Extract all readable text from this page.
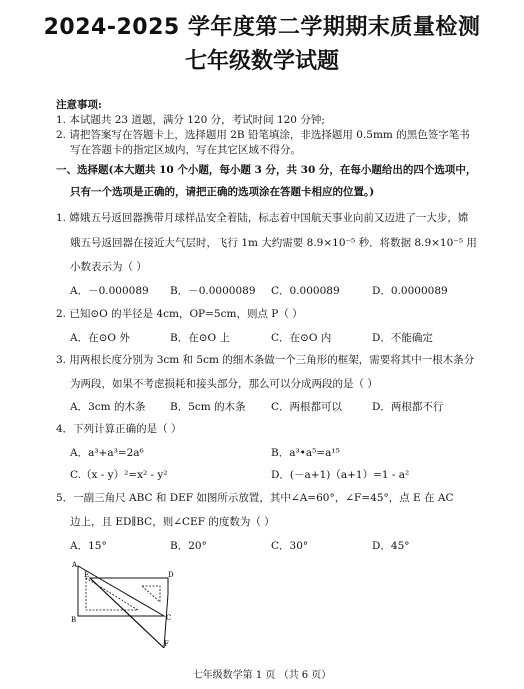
2024-2025 学年度第二学期期末质量检测
七年级数学试题
注意事项:
1. 本试题共 23 道题，满分 120 分，考试时间 120 分钟;
2. 请把答案写在答题卡上，选择题用 2B 铅笔填涂，非选择题用 0.5mm 的黑色签字笔书
写在答题卡的指定区域内，写在其它区域不得分。
一、选择题(本大题共 10 个小题，每小题 3 分，共 30 分，在每小题给出的四个选项中，
只有一个选项是正确的，请把正确的选项涂在答题卡相应的位置。)
1. 嫦娥五号返回器携带月球样品安全着陆，标志着中国航天事业向前又迈进了一大步，嫦
娥五号返回器在接近大气层时，飞行 1m 大约需要 8.9×10⁻⁵ 秒．将数据 8.9×10⁻⁵ 用
小数表示为（ ）
A．－0.000089 B．－0.0000089 C．0.000089	D．0.0000089
2. 已知⊙O 的半径是 4cm，OP=5cm，则点 P（ ）
A．在⊙O 外	B．在⊙O 上	C．在⊙O 内	D．不能确定
3. 用两根长度分别为 3cm 和 5cm 的细木条做一个三角形的框架，需要将其中一根木条分
为两段，如果不考虑损耗和接头部分，那么可以分成两段的是（ ）
A．3cm 的木条 B．5cm 的木条 C．两根都可以	D．两根都不行
4．下列计算正确的是（ ）
A．a³+a³=2a⁶	B．a³•a⁵=a¹⁵
C.（x - y）²=x² - y²	D．(－a+1)（a+1）=1 - a²
5．一副三角尺 ABC 和 DEF 如图所示放置，其中∠A=60°，∠F=45°，点 E 在 AC
边上，且 ED∥BC，则∠CEF 的度数为（ ）
A．15°	B．20°	C．30°	D．45°
A
E	D
B	C
F
七年级数学第 1 页 （共 6 页）
